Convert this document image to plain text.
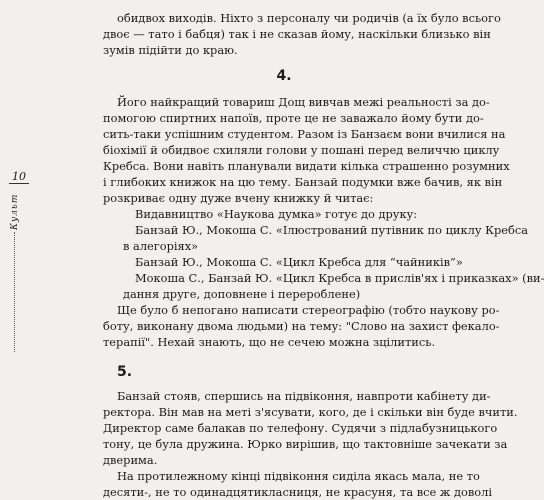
10
Культ
обидвох виходів. Ніхто з персоналу чи родичів (а їх було всього
двоє — тато і бабця) так і не сказав йому, наскільки близько він
зумів підійти до краю.
4.
Його найкращий товариш Дощ вивчав межі реальності за до-
помогою спиртних напоїв, проте це не заважало йому бути до-
сить-таки успішним студентом. Разом із Банзаєм вони вчилися на
біохімії й обидвоє схиляли голови у пошані перед величчю циклу
Кребса. Вони навіть планували видати кілька страшенно розумних
і глибоких книжок на цю тему. Банзай подумки вже бачив, як він
розкриває одну дуже вчену книжку й читає:
Видавництво «Наукова думка» готує до друку:
Банзай Ю., Мокоша С. «Ілюстрований путівник по циклу Кребса
в алегоріях»
Банзай Ю., Мокоша С. «Цикл Кребса для “чайників”»
Мокоша С., Банзай Ю. «Цикл Кребса в прислів'ях і приказках» (ви-
дання друге, доповнене і перероблене)
Ще було б непогано написати стереографію (тобто наукову ро-
боту, виконану двома людьми) на тему: "Слово на захист фекало-
терапії". Нехай знають, що не сечею можна зцілитись.
5.
Банзай стояв, спершись на підвіконня, навпроти кабінету ди-
ректора. Він мав на меті з'ясувати, кого, де і скільки він буде вчити.
Директор саме балакав по телефону. Судячи з підлабузницького
тону, це була дружина. Юрко вирішив, що тактовніше зачекати за
дверима.
На протилежному кінці підвіконня сиділа якась мала, не то
десяти-, не то одинадцятикласниця, не красуня, та все ж доволі
